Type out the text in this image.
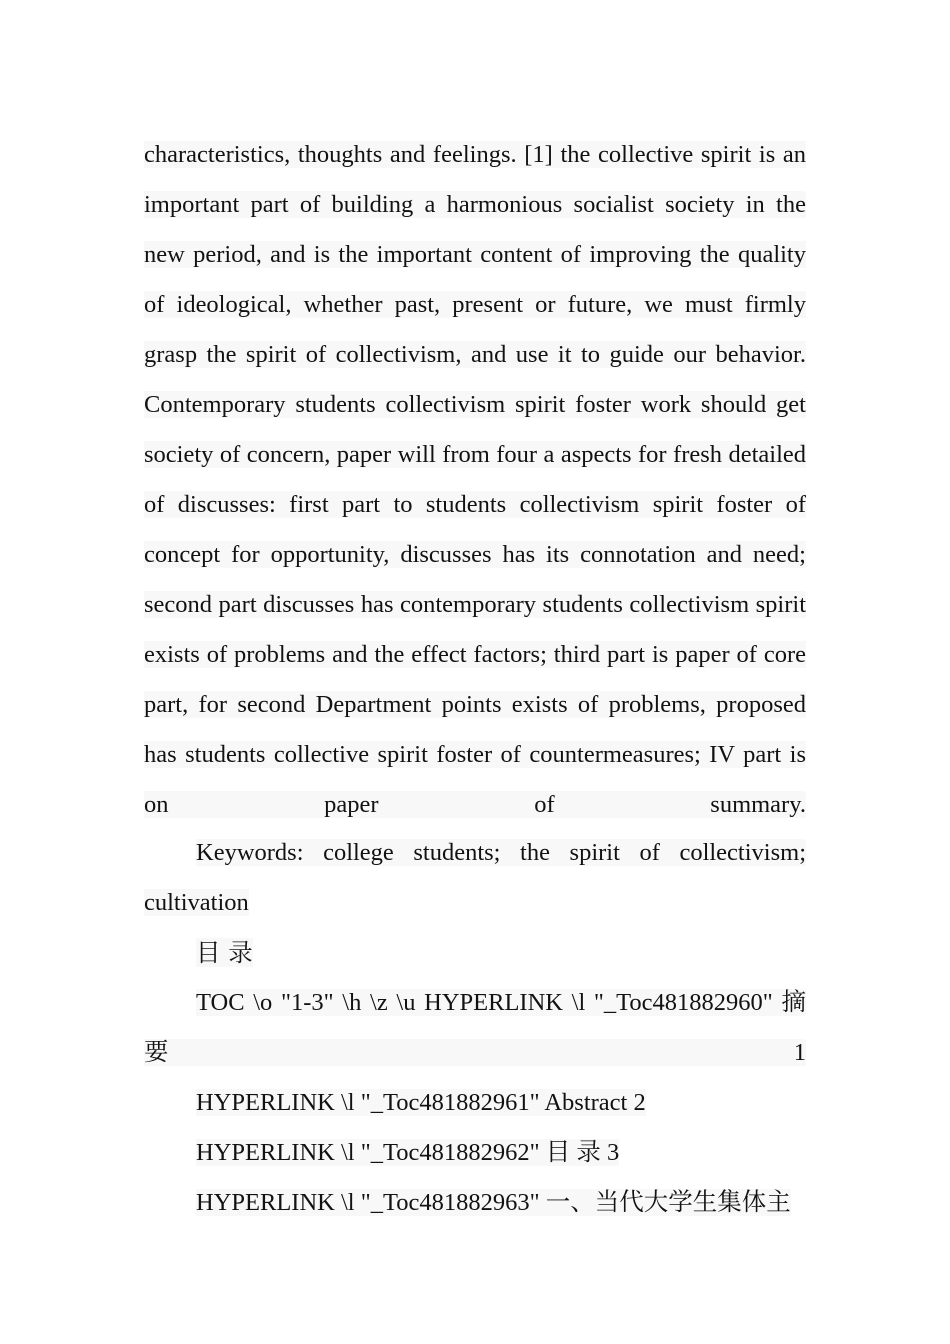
characteristics, thoughts and feelings. [1] the collective spirit is an important part of building a harmonious socialist society in the new period, and is the important content of improving the quality of ideological, whether past, present or future, we must firmly grasp the spirit of collectivism, and use it to guide our behavior. Contemporary students collectivism spirit foster work should get society of concern, paper will from four a aspects for fresh detailed of discusses: first part to students collectivism spirit foster of concept for opportunity, discusses has its connotation and need; second part discusses has contemporary students collectivism spirit exists of problems and the effect factors; third part is paper of core part, for second Department points exists of problems, proposed has students collective spirit foster of countermeasures; IV part is on paper of summary.

Keywords: college students; the spirit of collectivism; cultivation

目 录

TOC \o "1-3" \h \z \u HYPERLINK \l "_Toc481882960" 摘 要 1

HYPERLINK \l "_Toc481882961" Abstract 2

HYPERLINK \l "_Toc481882962" 目 录 3

HYPERLINK \l "_Toc481882963" 一、当代大学生集体主
